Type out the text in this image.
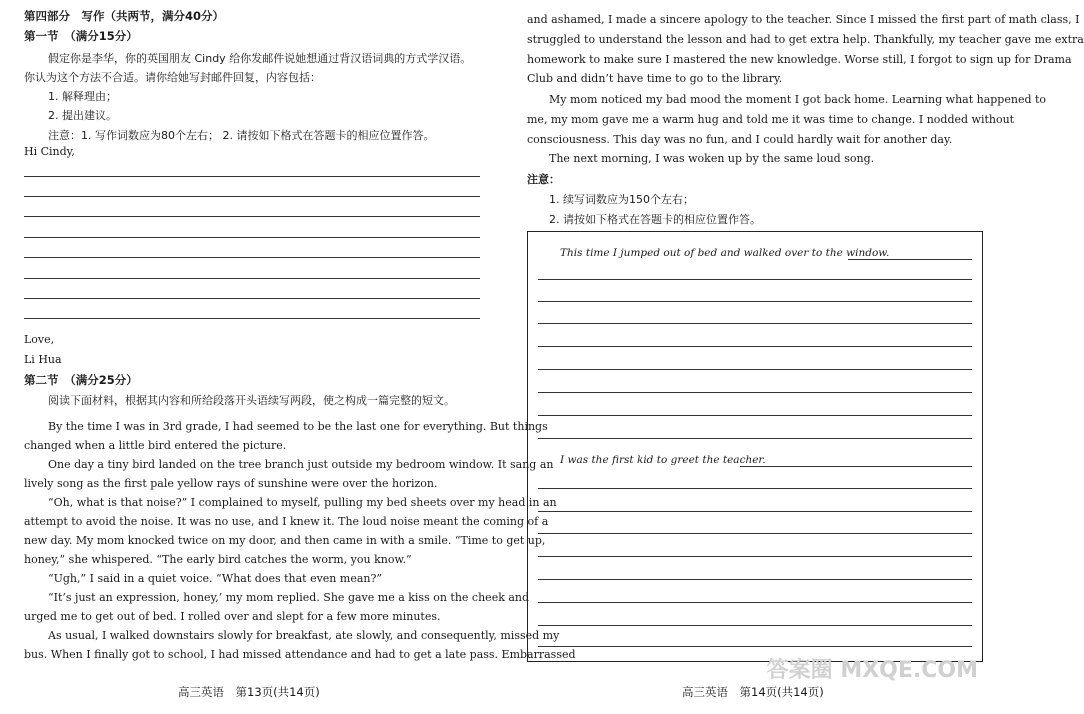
第四部分　写作（共两节，满分40分）
第一节　（满分15分）
假定你是李华，你的英国朋友 Cindy 给你发邮件说她想通过背汉语词典的方式学汉语。
你认为这个方法不合适。请你给她写封邮件回复，内容包括：
1. 解释理由；
2. 提出建议。
注意：1. 写作词数应为80个左右； 2. 请按如下格式在答题卡的相应位置作答。
Hi Cindy,
Love,
Li Hua
第二节　（满分25分）
阅读下面材料，根据其内容和所给段落开头语续写两段，使之构成一篇完整的短文。
By the time I was in 3rd grade, I had seemed to be the last one for everything. But things
changed when a little bird entered the picture.
One day a tiny bird landed on the tree branch just outside my bedroom window. It sang an
lively song as the first pale yellow rays of sunshine were over the horizon.
“Oh, what is that noise?” I complained to myself, pulling my bed sheets over my head in an
attempt to avoid the noise. It was no use, and I knew it. The loud noise meant the coming of a
new day. My mom knocked twice on my door, and then came in with a smile. “Time to get up,
honey,” she whispered. “The early bird catches the worm, you know.”
“Ugh,” I said in a quiet voice. “What does that even mean?”
“It’s just an expression, honey,’ my mom replied. She gave me a kiss on the cheek and
urged me to get out of bed. I rolled over and slept for a few more minutes.
As usual, I walked downstairs slowly for breakfast, ate slowly, and consequently, missed my
bus. When I finally got to school, I had missed attendance and had to get a late pass. Embarrassed
and ashamed, I made a sincere apology to the teacher. Since I missed the first part of math class, I
struggled to understand the lesson and had to get extra help. Thankfully, my teacher gave me extra
homework to make sure I mastered the new knowledge. Worse still, I forgot to sign up for Drama
Club and didn’t have time to go to the library.
My mom noticed my bad mood the moment I got back home. Learning what happened to
me, my mom gave me a warm hug and told me it was time to change. I nodded without
consciousness. This day was no fun, and I could hardly wait for another day.
The next morning, I was woken up by the same loud song.
注意：
1. 续写词数应为150个左右；
2. 请按如下格式在答题卡的相应位置作答。
This time I jumped out of bed and walked over to the window.
I was the first kid to greet the teacher.
高三英语　第13页(共14页)	高三英语　第14页(共14页)
答案圈 MXQE.COM
